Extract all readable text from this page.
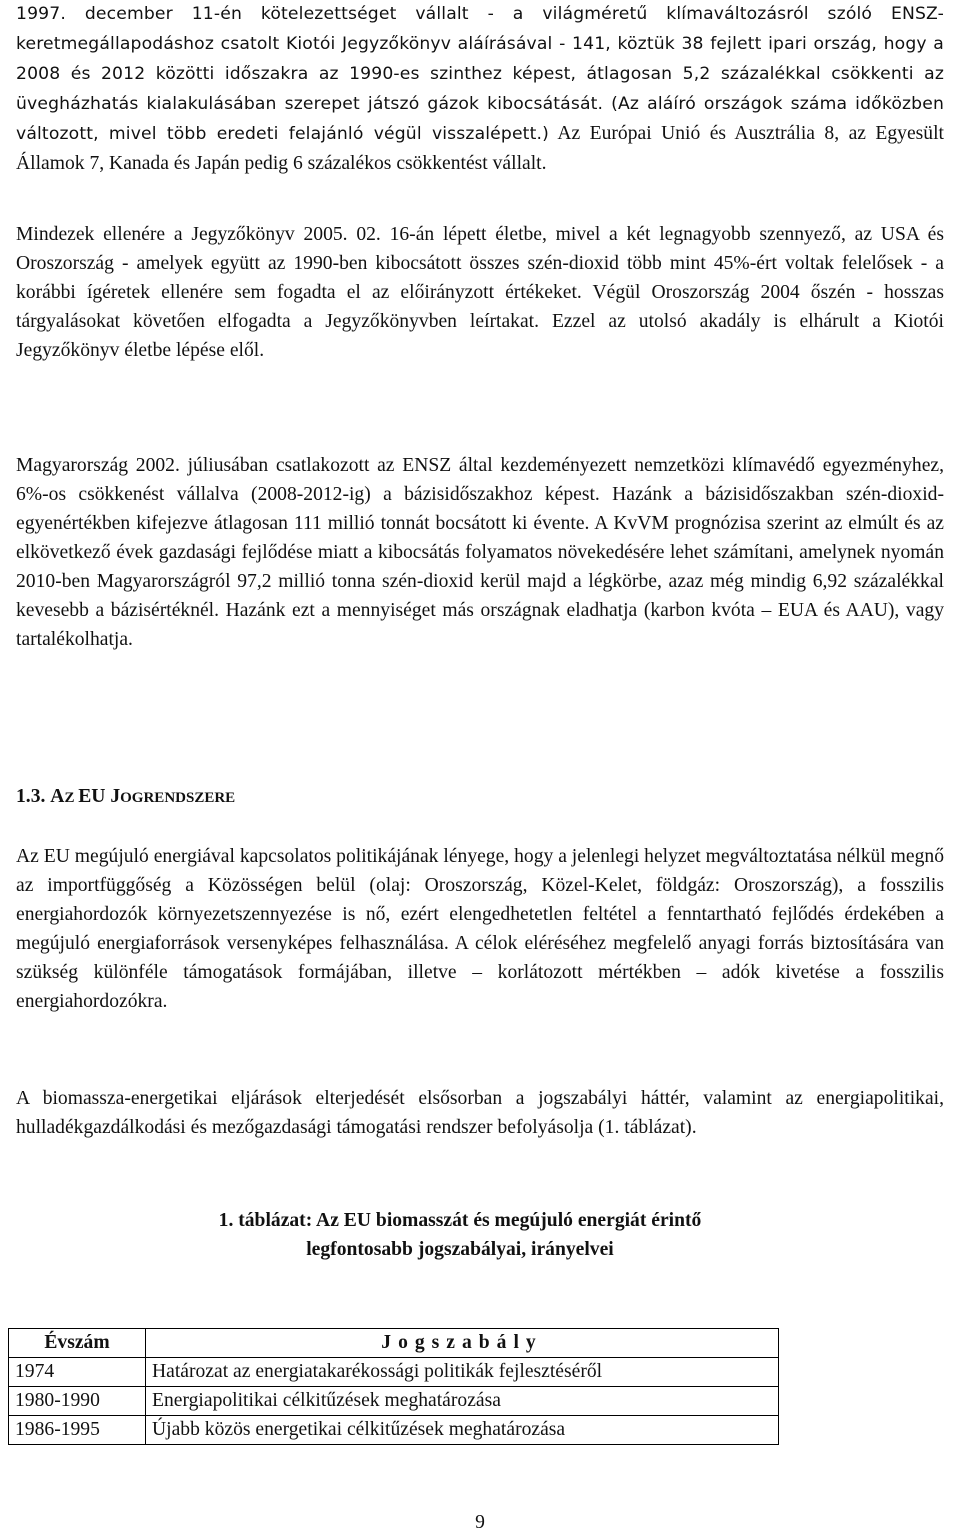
1997. december 11-én kötelezettséget vállalt - a világméretű klímaváltozásról szóló ENSZ-keretmegállapodáshoz csatolt Kiotói Jegyzőkönyv aláírásával - 141, köztük 38 fejlett ipari ország, hogy a 2008 és 2012 közötti időszakra az 1990-es szinthez képest, átlagosan 5,2 százalékkal csökkenti az üvegházhatás kialakulásában szerepet játszó gázok kibocsátását. (Az aláíró országok száma időközben változott, mivel több eredeti felajánló végül visszalépett.) Az Európai Unió és Ausztrália 8, az Egyesült Államok 7, Kanada és Japán pedig 6 százalékos csökkentést vállalt.

Mindezek ellenére a Jegyzőkönyv 2005. 02. 16-án lépett életbe, mivel a két legnagyobb szennyező, az USA és Oroszország - amelyek együtt az 1990-ben kibocsátott összes szén-dioxid több mint 45%-ért voltak felelősek - a korábbi ígéretek ellenére sem fogadta el az előirányzott értékeket. Végül Oroszország 2004 őszén - hosszas tárgyalásokat követően elfogadta a Jegyzőkönyvben leírtakat. Ezzel az utolsó akadály is elhárult a Kiotói Jegyzőkönyv életbe lépése elől.

Magyarország 2002. júliusában csatlakozott az ENSZ által kezdeményezett nemzetközi klímavédő egyezményhez, 6%-os csökkenést vállalva (2008-2012-ig) a bázisidőszakhoz képest. Hazánk a bázisidőszakban szén-dioxid-egyenértékben kifejezve átlagosan 111 millió tonnát bocsátott ki évente. A KvVM prognózisa szerint az elmúlt és az elkövetkező évek gazdasági fejlődése miatt a kibocsátás folyamatos növekedésére lehet számítani, amelynek nyomán 2010-ben Magyarországról 97,2 millió tonna szén-dioxid kerül majd a légkörbe, azaz még mindig 6,92 százalékkal kevesebb a bázisértéknél. Hazánk ezt a mennyiséget más országnak eladhatja (karbon kvóta – EUA és AAU), vagy tartalékolhatja.

1.3. AZ EU JOGRENDSZERE

Az EU megújuló energiával kapcsolatos politikájának lényege, hogy a jelenlegi helyzet megváltoztatása nélkül megnő az importfüggőség a Közösségen belül (olaj: Oroszország, Közel-Kelet, földgáz: Oroszország), a fosszilis energiahordozók környezetszennyezése is nő, ezért elengedhetetlen feltétel a fenntartható fejlődés érdekében a megújuló energiaforrások versenyképes felhasználása. A célok eléréséhez megfelelő anyagi forrás biztosítására van szükség különféle támogatások formájában, illetve – korlátozott mértékben – adók kivetése a fosszilis energiahordozókra.

A biomassza-energetikai eljárások elterjedését elsősorban a jogszabályi háttér, valamint az energiapolitikai, hulladékgazdálkodási és mezőgazdasági támogatási rendszer befolyásolja (1. táblázat).

1. táblázat: Az EU biomasszát és megújuló energiát érintő
legfontosabb jogszabályai, irányelvei

Évszám	Jogszabály
1974	Határozat az energiatakarékossági politikák fejlesztéséről
1980-1990	Energiapolitikai célkitűzések meghatározása
1986-1995	Újabb közös energetikai célkitűzések meghatározása
9
